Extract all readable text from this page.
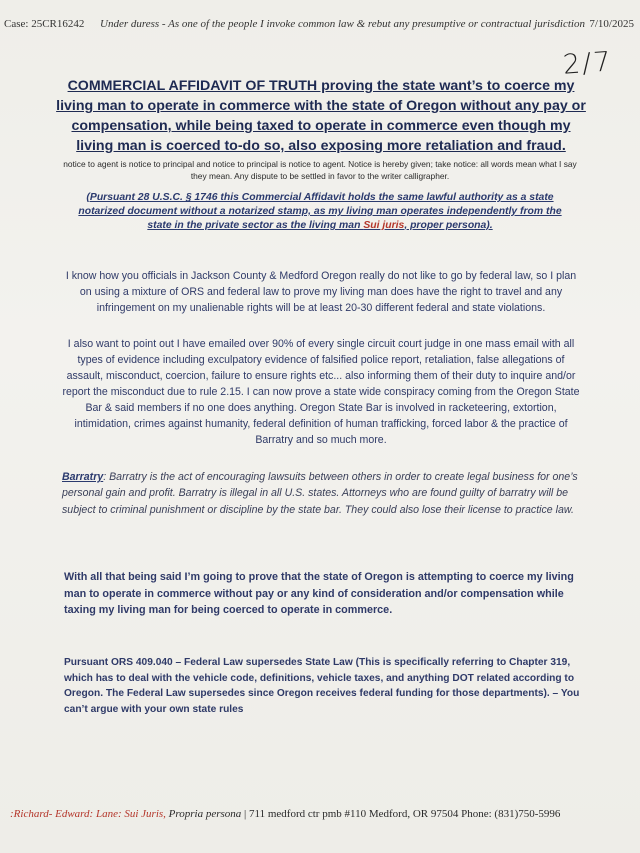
Case: 25CR16242 Under duress - As one of the people I invoke common law & rebut any presumptive or contractual jurisdiction 7/10/2025
2/7
COMMERCIAL AFFIDAVIT OF TRUTH proving the state want’s to coerce my living man to operate in commerce with the state of Oregon without any pay or compensation, while being taxed to operate in commerce even though my living man is coerced to-do so, also exposing more retaliation and fraud.
notice to agent is notice to principal and notice to principal is notice to agent. Notice is hereby given; take notice: all words mean what I say they mean. Any dispute to be settled in favor to the writer calligrapher.
(Pursuant 28 U.S.C. § 1746 this Commercial Affidavit holds the same lawful authority as a state notarized document without a notarized stamp, as my living man operates independently from the state in the private sector as the living man Sui juris, proper persona).
I know how you officials in Jackson County & Medford Oregon really do not like to go by federal law, so I plan on using a mixture of ORS and federal law to prove my living man does have the right to travel and any infringement on my unalienable rights will be at least 20-30 different federal and state violations.
I also want to point out I have emailed over 90% of every single circuit court judge in one mass email with all types of evidence including exculpatory evidence of falsified police report, retaliation, false allegations of assault, misconduct, coercion, failure to ensure rights etc... also informing them of their duty to inquire and/or report the misconduct due to rule 2.15. I can now prove a state wide conspiracy coming from the Oregon State Bar & said members if no one does anything. Oregon State Bar is involved in racketeering, extortion, intimidation, crimes against humanity, federal definition of human trafficking, forced labor & the practice of Barratry and so much more.
Barratry: Barratry is the act of encouraging lawsuits between others in order to create legal business for one’s personal gain and profit. Barratry is illegal in all U.S. states. Attorneys who are found guilty of barratry will be subject to criminal punishment or discipline by the state bar. They could also lose their license to practice law.
With all that being said I’m going to prove that the state of Oregon is attempting to coerce my living man to operate in commerce without pay or any kind of consideration and/or compensation while taxing my living man for being coerced to operate in commerce.
Pursuant ORS 409.040 – Federal Law supersedes State Law (This is specifically referring to Chapter 319, which has to deal with the vehicle code, definitions, vehicle taxes, and anything DOT related according to Oregon. The Federal Law supersedes since Oregon receives federal funding for those departments). – You can’t argue with your own state rules
:Richard- Edward: Lane: Sui Juris, Propria persona | 711 medford ctr pmb #110 Medford, OR 97504 Phone: (831)750-5996
